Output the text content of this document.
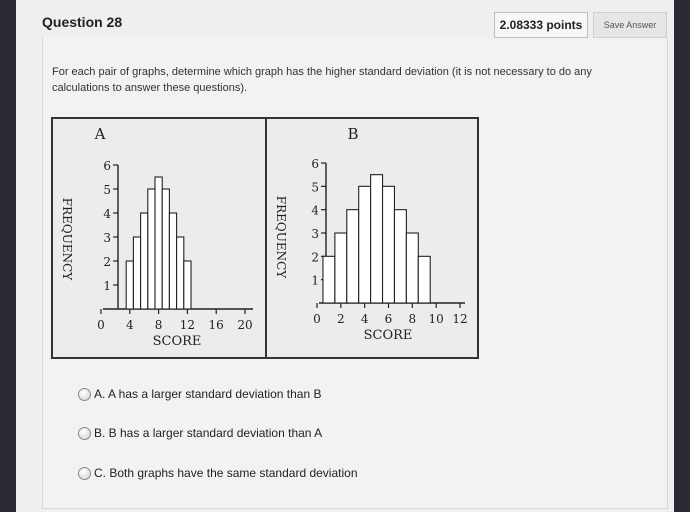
Question 28	2.08333 points	Save Answer
For each pair of graphs, determine which graph has the higher standard deviation (it is not necessary to do any calculations to answer these questions).
A
1
2
3
4
5
6
FREQUENCY
0 4 8 12 16 20
SCORE
B
1
2
3
4
5
6
FREQUENCY
0 2 4 6 8 10 12
SCORE
A. A has a larger standard deviation than B
B. B has a larger standard deviation than A
C. Both graphs have the same standard deviation
